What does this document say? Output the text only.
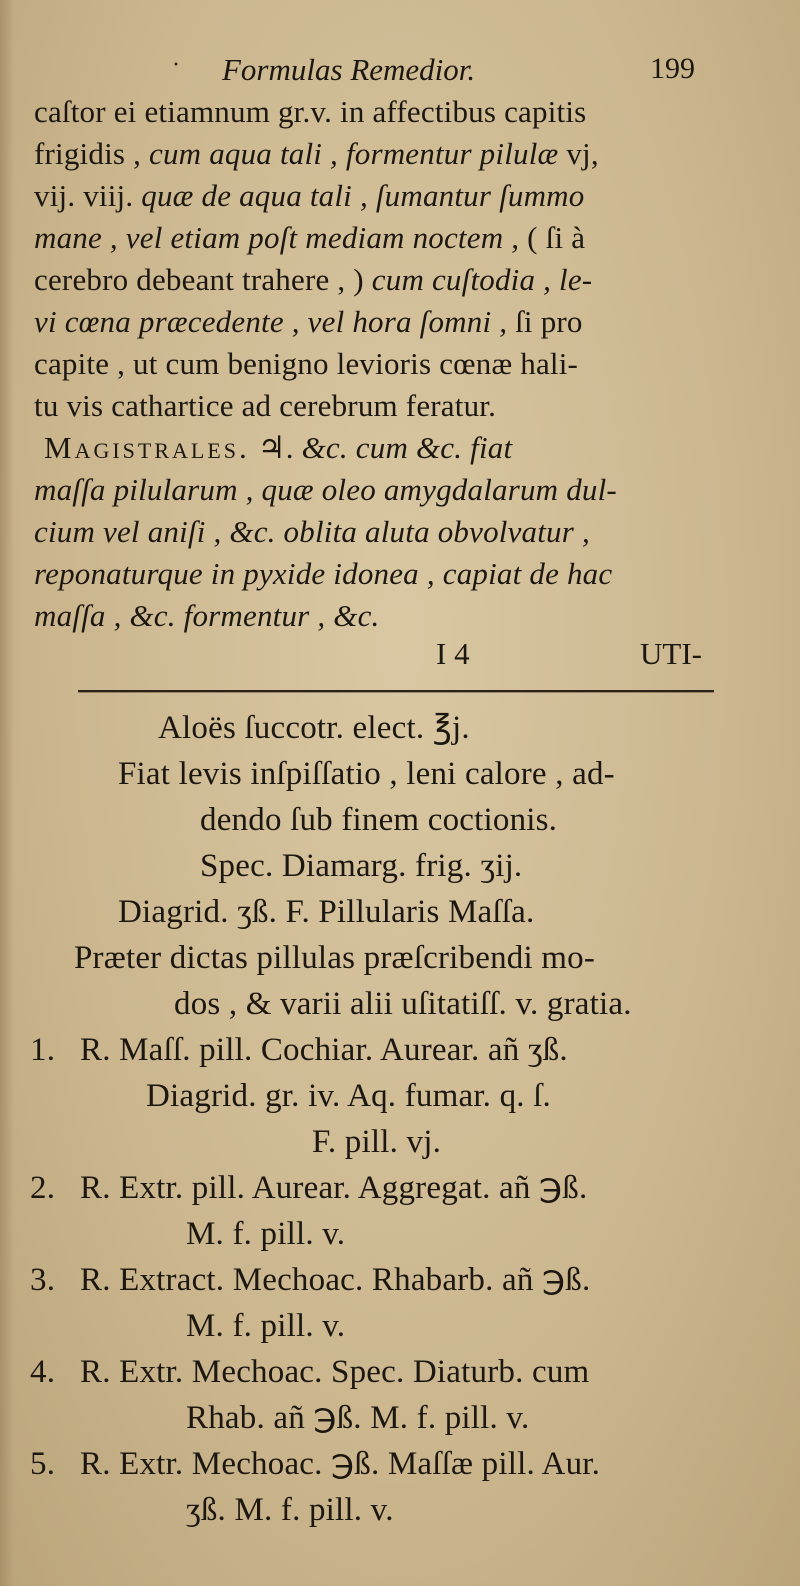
· Formulas Remedior.	199
caſtor ei etiamnum gr.v. in affectibus capitis
frigidis , cum aqua tali , formentur pilulæ vj,
vij. viij. quæ de aqua tali , ſumantur ſummo
mane , vel etiam poſt mediam noctem , ( ſi à
cerebro debeant trahere , ) cum cuſtodia , le-
vi cœna præcedente , vel hora ſomni , ſi pro
capite , ut cum benigno levioris cœnæ hali-
tu vis cathartice ad cerebrum feratur.
Magistrales. ♃. &c. cum &c. fiat
maſſa pilularum , quæ oleo amygdalarum dul-
cium vel aniſi , &c. oblita aluta obvolvatur ,
reponaturque in pyxide idonea , capiat de hac
maſſa , &c. formentur , &c.
I 4	UTI-
Aloës ſuccotr. elect. ℥j.
Fiat levis inſpiſſatio , leni calore , ad-
dendo ſub finem coctionis.
Spec. Diamarg. frig. ʒij.
Diagrid. ʒß. F. Pillularis Maſſa.
Præter dictas pillulas præſcribendi mo-
dos , & varii alii uſitatiſſ. v. gratia.
1. R. Maſſ. pill. Cochiar. Aurear. añ ʒß.
Diagrid. gr. iv. Aq. fumar. q. ſ.
F. pill. vj.
2. R. Extr. pill. Aurear. Aggregat. añ ℈ß.
M. f. pill. v.
3. R. Extract. Mechoac. Rhabarb. añ ℈ß.
M. f. pill. v.
4. R. Extr. Mechoac. Spec. Diaturb. cum
Rhab. añ ℈ß. M. f. pill. v.
5. R. Extr. Mechoac. ℈ß. Maſſæ pill. Aur.
ʒß. M. f. pill. v.
